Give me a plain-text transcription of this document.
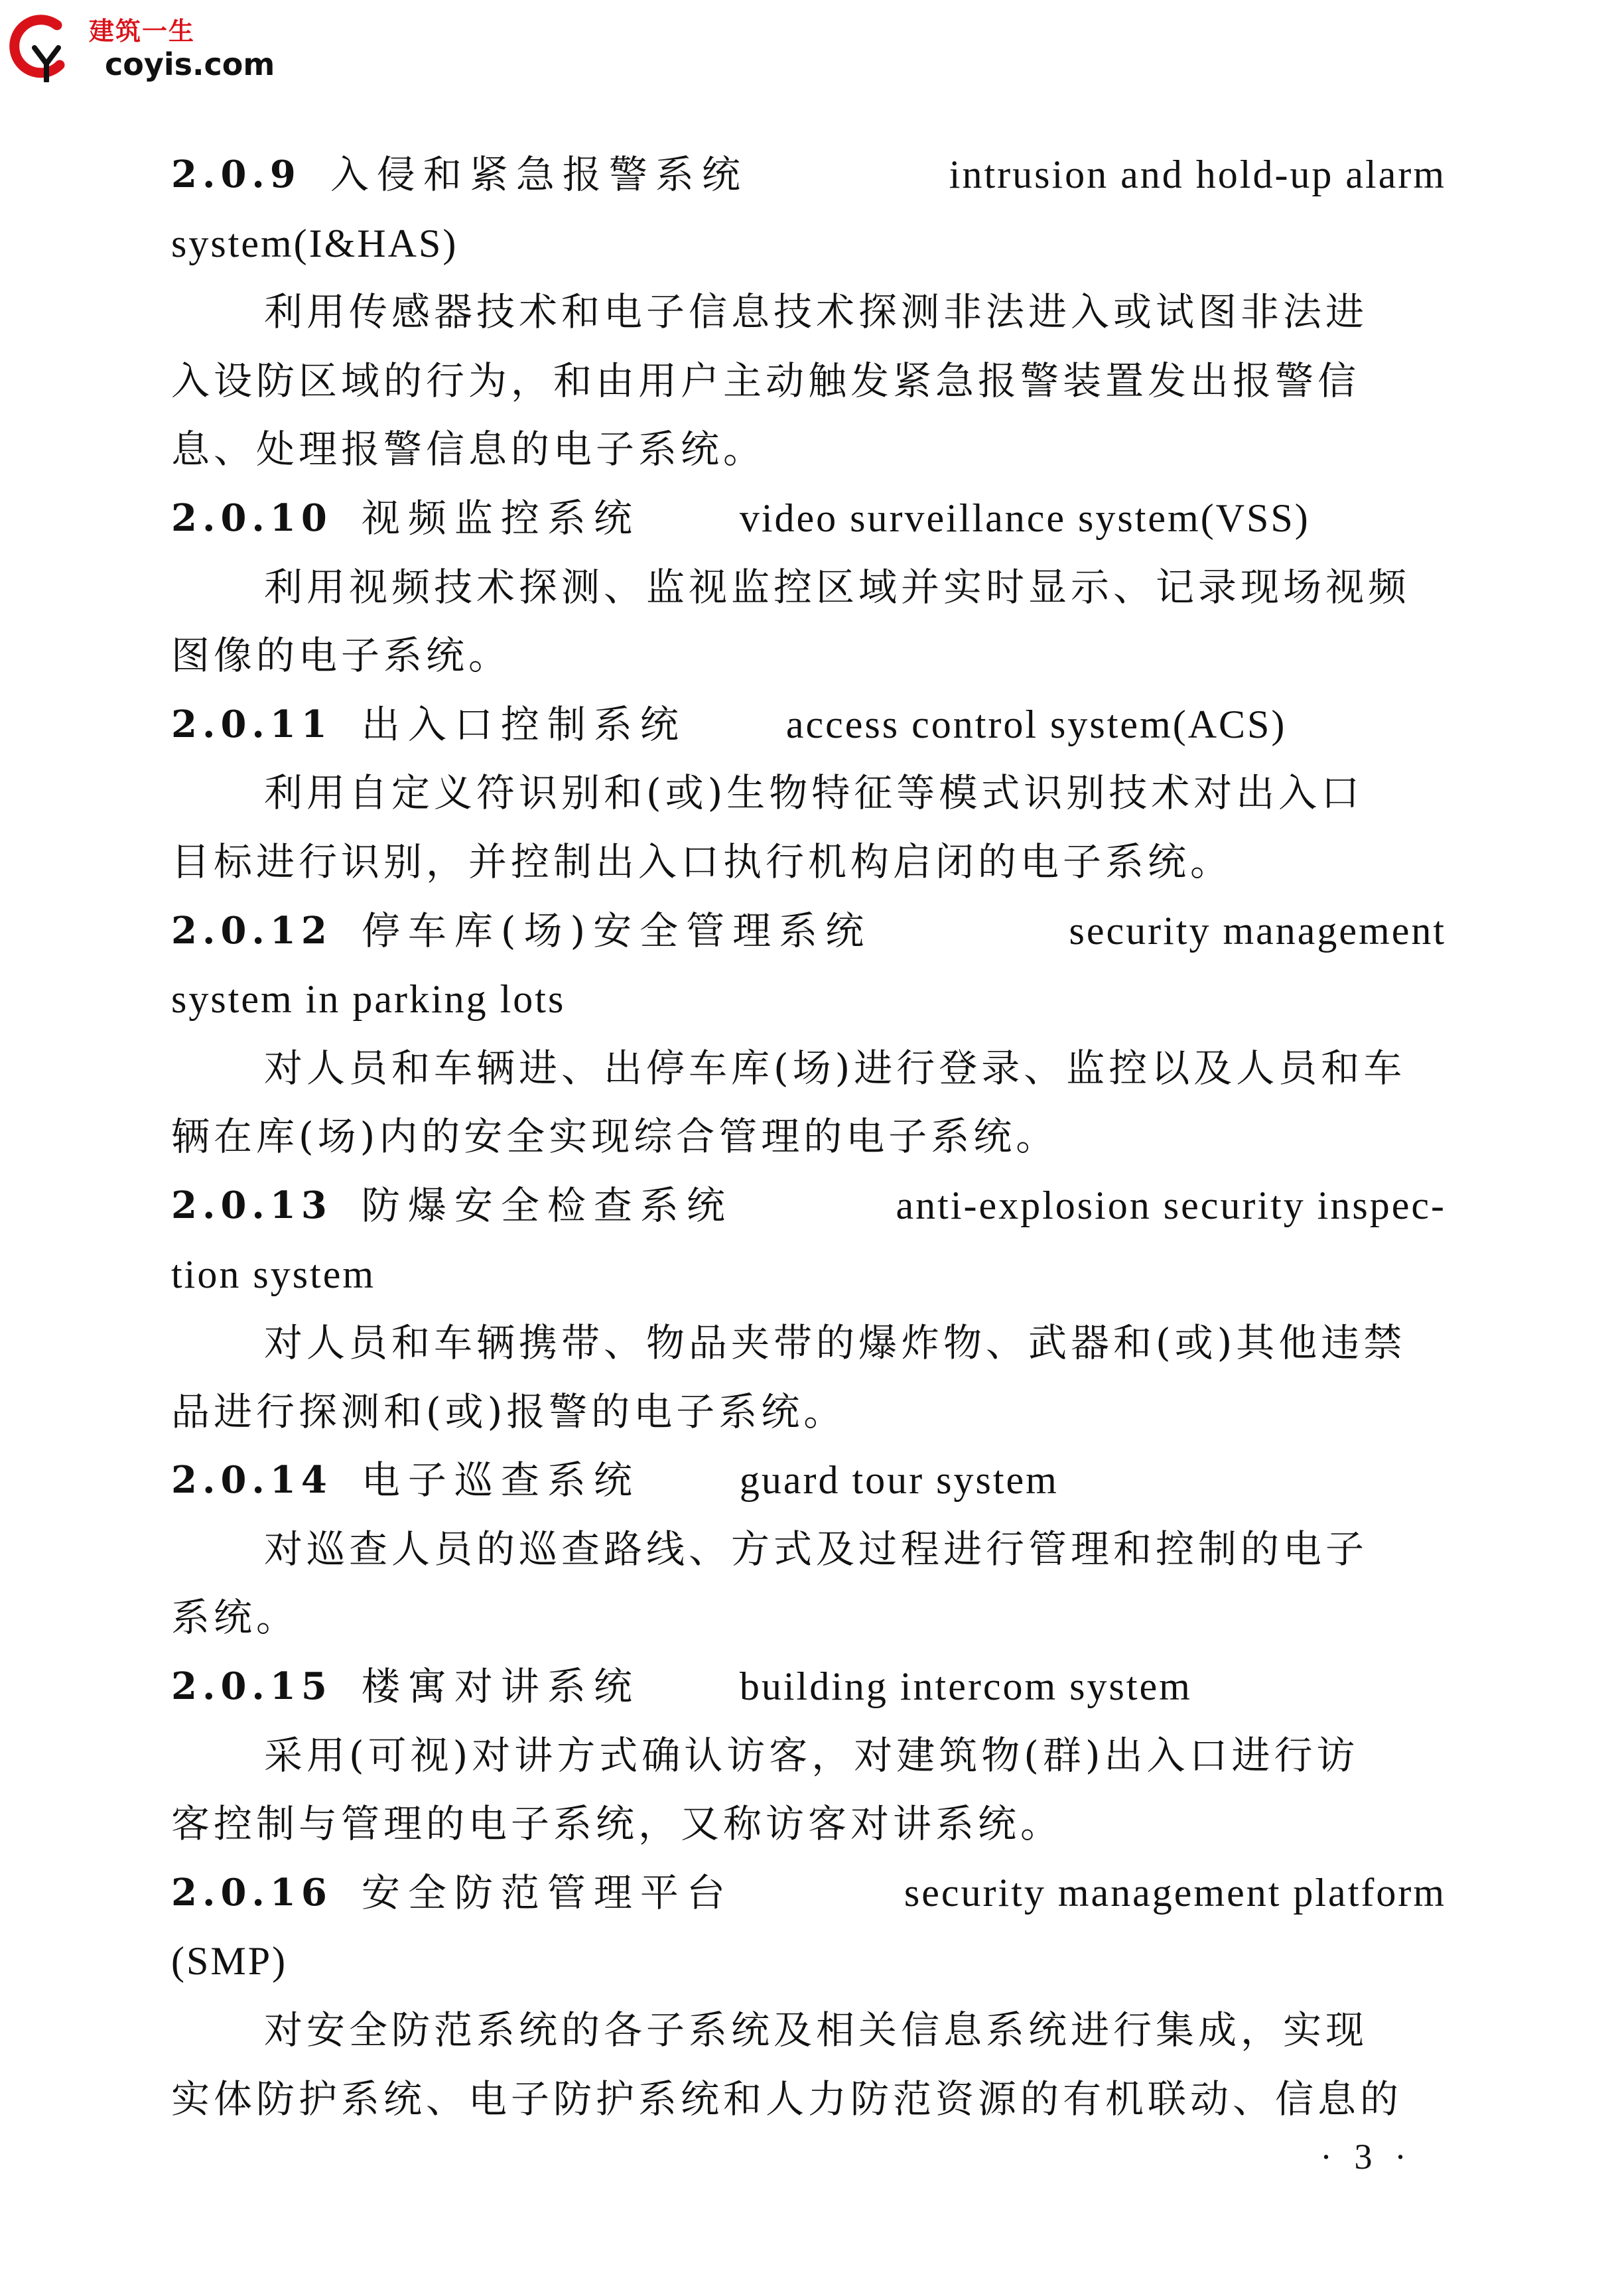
建筑一生
coyis.com
2.0.9 入侵和紧急报警系统	intrusion and hold-up alarm
system(I&HAS)
利用传感器技术和电子信息技术探测非法进入或试图非法进
入设防区域的行为，和由用户主动触发紧急报警装置发出报警信
息、处理报警信息的电子系统。
2.0.10 视频监控系统	video surveillance system(VSS)
利用视频技术探测、监视监控区域并实时显示、记录现场视频
图像的电子系统。
2.0.11 出入口控制系统	access control system(ACS)
利用自定义符识别和(或)生物特征等模式识别技术对出入口
目标进行识别，并控制出入口执行机构启闭的电子系统。
2.0.12 停车库(场)安全管理系统	security management
system in parking lots
对人员和车辆进、出停车库(场)进行登录、监控以及人员和车
辆在库(场)内的安全实现综合管理的电子系统。
2.0.13 防爆安全检查系统	anti-explosion security inspec-
tion system
对人员和车辆携带、物品夹带的爆炸物、武器和(或)其他违禁
品进行探测和(或)报警的电子系统。
2.0.14 电子巡查系统	guard tour system
对巡查人员的巡查路线、方式及过程进行管理和控制的电子
系统。
2.0.15 楼寓对讲系统	building intercom system
采用(可视)对讲方式确认访客，对建筑物(群)出入口进行访
客控制与管理的电子系统，又称访客对讲系统。
2.0.16 安全防范管理平台	security management platform
(SMP)
对安全防范系统的各子系统及相关信息系统进行集成，实现
实体防护系统、电子防护系统和人力防范资源的有机联动、信息的
· 3 ·
